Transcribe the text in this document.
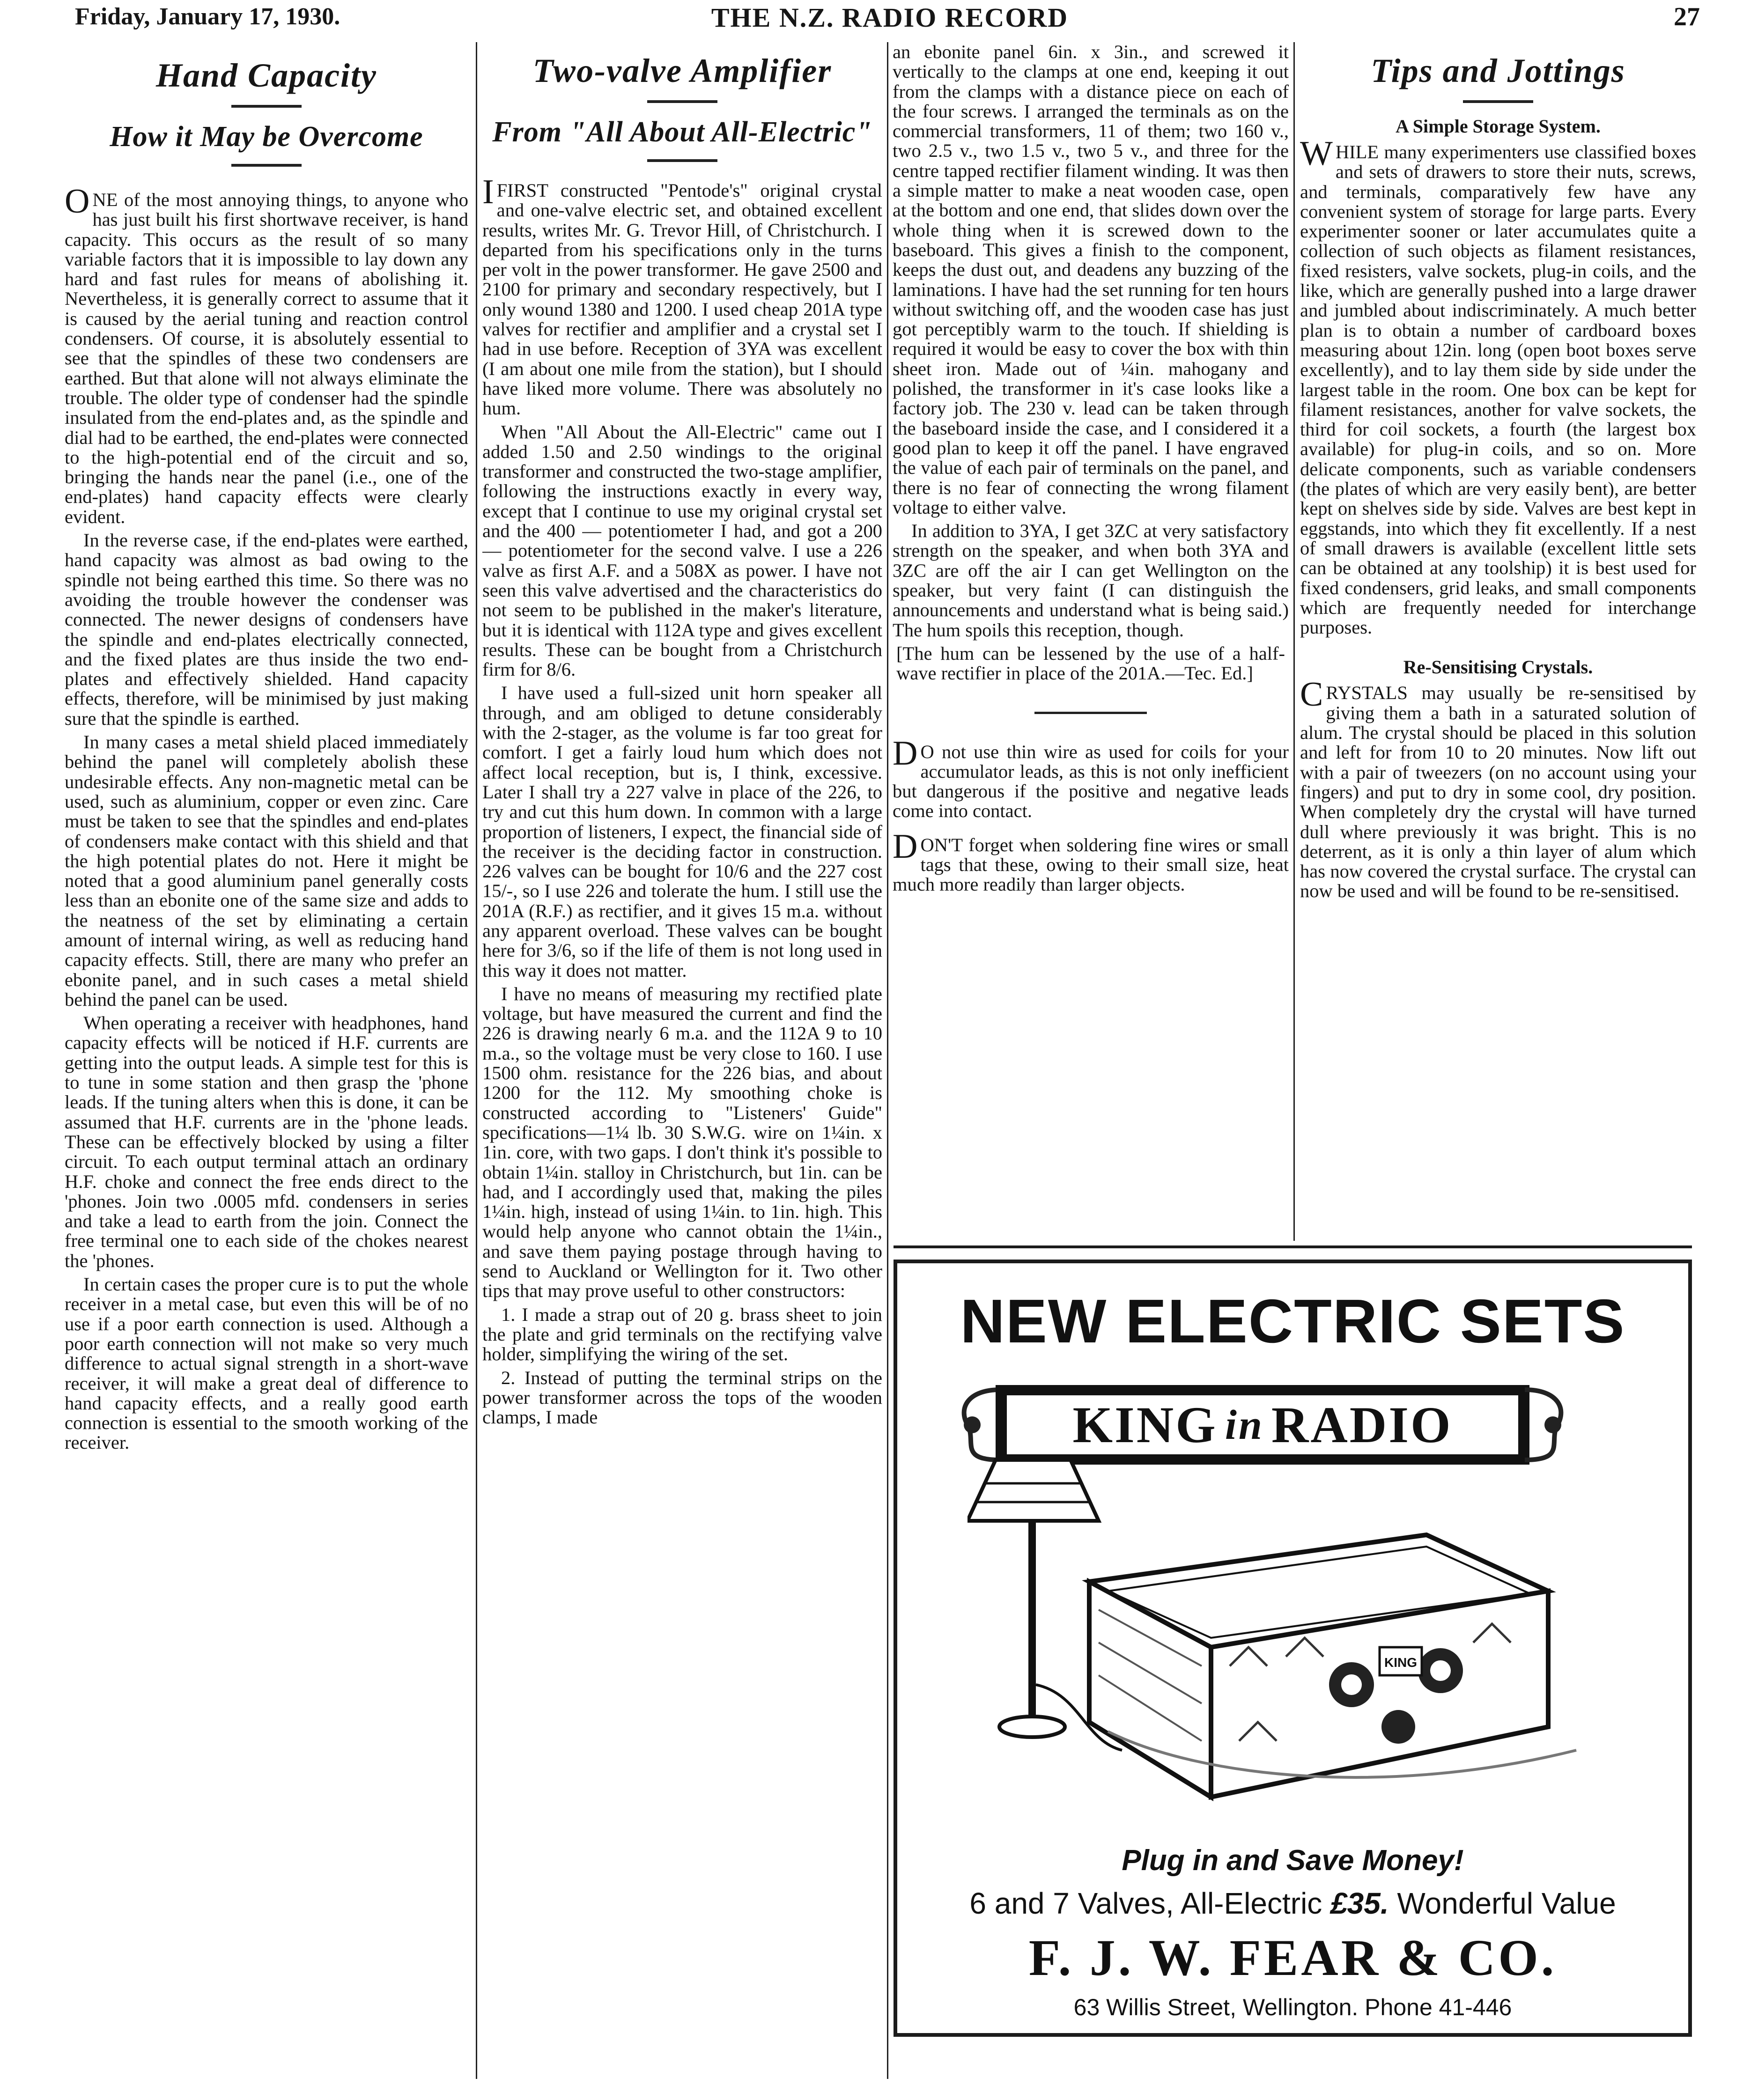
Friday, January 17, 1930.	THE N.Z. RADIO RECORD	27
Hand Capacity
How it May be Overcome

ONE of the most annoying things, to anyone who has just built his first shortwave receiver, is hand capacity. This occurs as the result of so many variable factors that it is impossible to lay down any hard and fast rules for means of abolishing it. Nevertheless, it is generally correct to assume that it is caused by the aerial tuning and reaction control condensers. Of course, it is absolutely essential to see that the spindles of these two condensers are earthed. But that alone will not always eliminate the trouble. The older type of condenser had the spindle insulated from the end-plates and, as the spindle and dial had to be earthed, the end-plates were connected to the high-potential end of the circuit and so, bringing the hands near the panel (i.e., one of the end-plates) hand capacity effects were clearly evident.

In the reverse case, if the end-plates were earthed, hand capacity was almost as bad owing to the spindle not being earthed this time. So there was no avoiding the trouble however the condenser was connected. The newer designs of condensers have the spindle and end-plates electrically connected, and the fixed plates are thus inside the two end-plates and effectively shielded. Hand capacity effects, therefore, will be minimised by just making sure that the spindle is earthed.

In many cases a metal shield placed immediately behind the panel will completely abolish these undesirable effects. Any non-magnetic metal can be used, such as aluminium, copper or even zinc. Care must be taken to see that the spindles and end-plates of condensers make contact with this shield and that the high potential plates do not. Here it might be noted that a good aluminium panel generally costs less than an ebonite one of the same size and adds to the neatness of the set by eliminating a certain amount of internal wiring, as well as reducing hand capacity effects. Still, there are many who prefer an ebonite panel, and in such cases a metal shield behind the panel can be used.

When operating a receiver with headphones, hand capacity effects will be noticed if H.F. currents are getting into the output leads. A simple test for this is to tune in some station and then grasp the 'phone leads. If the tuning alters when this is done, it can be assumed that H.F. currents are in the 'phone leads. These can be effectively blocked by using a filter circuit. To each output terminal attach an ordinary H.F. choke and connect the free ends direct to the 'phones. Join two .0005 mfd. condensers in series and take a lead to earth from the join. Connect the free terminal one to each side of the chokes nearest the 'phones.

In certain cases the proper cure is to put the whole receiver in a metal case, but even this will be of no use if a poor earth connection is used. Although a poor earth connection will not make so very much difference to actual signal strength in a short-wave receiver, it will make a great deal of difference to hand capacity effects, and a really good earth connection is essential to the smooth working of the receiver.

Two-valve Amplifier
From "All About All-Electric"

IFIRST constructed "Pentode's" original crystal and one-valve electric set, and obtained excellent results, writes Mr. G. Trevor Hill, of Christchurch. I departed from his specifications only in the turns per volt in the power transformer. He gave 2500 and 2100 for primary and secondary respectively, but I only wound 1380 and 1200. I used cheap 201A type valves for rectifier and amplifier and a crystal set I had in use before. Reception of 3YA was excellent (I am about one mile from the station), but I should have liked more volume. There was absolutely no hum.

When "All About the All-Electric" came out I added 1.50 and 2.50 windings to the original transformer and constructed the two-stage amplifier, following the instructions exactly in every way, except that I continue to use my original crystal set and the 400 — potentiometer I had, and got a 200 — potentiometer for the second valve. I use a 226 valve as first A.F. and a 508X as power. I have not seen this valve advertised and the characteristics do not seem to be published in the maker's literature, but it is identical with 112A type and gives excellent results. These can be bought from a Christchurch firm for 8/6.

I have used a full-sized unit horn speaker all through, and am obliged to detune considerably with the 2-stager, as the volume is far too great for comfort. I get a fairly loud hum which does not affect local reception, but is, I think, excessive. Later I shall try a 227 valve in place of the 226, to try and cut this hum down. In common with a large proportion of listeners, I expect, the financial side of the receiver is the deciding factor in construction. 226 valves can be bought for 10/6 and the 227 cost 15/-, so I use 226 and tolerate the hum. I still use the 201A (R.F.) as rectifier, and it gives 15 m.a. without any apparent overload. These valves can be bought here for 3/6, so if the life of them is not long used in this way it does not matter.

I have no means of measuring my rectified plate voltage, but have measured the current and find the 226 is drawing nearly 6 m.a. and the 112A 9 to 10 m.a., so the voltage must be very close to 160. I use 1500 ohm. resistance for the 226 bias, and about 1200 for the 112. My smoothing choke is constructed according to "Listeners' Guide" specifications—1¼ lb. 30 S.W.G. wire on 1¼in. x 1in. core, with two gaps. I don't think it's possible to obtain 1¼in. stalloy in Christchurch, but 1in. can be had, and I accordingly used that, making the piles 1¼in. high, instead of using 1¼in. to 1in. high. This would help anyone who cannot obtain the 1¼in., and save them paying postage through having to send to Auckland or Wellington for it. Two other tips that may prove useful to other constructors:

1. I made a strap out of 20 g. brass sheet to join the plate and grid terminals on the rectifying valve holder, simplifying the wiring of the set.

2. Instead of putting the terminal strips on the power transformer across the tops of the wooden clamps, I made

an ebonite panel 6in. x 3in., and screwed it vertically to the clamps at one end, keeping it out from the clamps with a distance piece on each of the four screws. I arranged the terminals as on the commercial transformers, 11 of them; two 160 v., two 2.5 v., two 1.5 v., two 5 v., and three for the centre tapped rectifier filament winding. It was then a simple matter to make a neat wooden case, open at the bottom and one end, that slides down over the whole thing when it is screwed down to the baseboard. This gives a finish to the component, keeps the dust out, and deadens any buzzing of the laminations. I have had the set running for ten hours without switching off, and the wooden case has just got perceptibly warm to the touch. If shielding is required it would be easy to cover the box with thin sheet iron. Made out of ¼in. mahogany and polished, the transformer in it's case looks like a factory job. The 230 v. lead can be taken through the baseboard inside the case, and I considered it a good plan to keep it off the panel. I have engraved the value of each pair of terminals on the panel, and there is no fear of connecting the wrong filament voltage to either valve.

In addition to 3YA, I get 3ZC at very satisfactory strength on the speaker, and when both 3YA and 3ZC are off the air I can get Wellington on the speaker, but very faint (I can distinguish the announcements and understand what is being said.) The hum spoils this reception, though.

[The hum can be lessened by the use of a half-wave rectifier in place of the 201A.—Tec. Ed.]

D O not use thin wire as used for coils for your accumulator leads, as this is not only inefficient but dangerous if the positive and negative leads come into contact.

DON'T forget when soldering fine wires or small tags that these, owing to their small size, heat much more readily than larger objects.

Tips and Jottings
A Simple Storage System.

WHILE many experimenters use classified boxes and sets of drawers to store their nuts, screws, and terminals, comparatively few have any convenient system of storage for large parts. Every experimenter sooner or later accumulates quite a collection of such objects as filament resistances, fixed resisters, valve sockets, plug-in coils, and the like, which are generally pushed into a large drawer and jumbled about indiscriminately. A much better plan is to obtain a number of cardboard boxes measuring about 12in. long (open boot boxes serve excellently), and to lay them side by side under the largest table in the room. One box can be kept for filament resistances, another for valve sockets, the third for coil sockets, a fourth (the largest box available) for plug-in coils, and so on. More delicate components, such as variable condensers (the plates of which are very easily bent), are better kept on shelves side by side. Valves are best kept in eggstands, into which they fit excellently. If a nest of small drawers is available (excellent little sets can be obtained at any toolship) it is best used for fixed condensers, grid leaks, and small components which are frequently needed for interchange purposes.

Re-Sensitising Crystals.

CRYSTALS may usually be re-sensitised by giving them a bath in a saturated solution of alum. The crystal should be placed in this solution and left for from 10 to 20 minutes. Now lift out with a pair of tweezers (on no account using your fingers) and put to dry in some cool, dry position. When completely dry the crystal will have turned dull where previously it was bright. This is no deterrent, as it is only a thin layer of alum which has now covered the crystal surface. The crystal can now be used and will be found to be re-sensitised.

NEW ELECTRIC SETS
KING in RADIO
KING
Plug in and Save Money!
6 and 7 Valves, All-Electric £35. Wonderful Value
F. J. W. FEAR & CO.
63 Willis Street, Wellington. Phone 41-446
